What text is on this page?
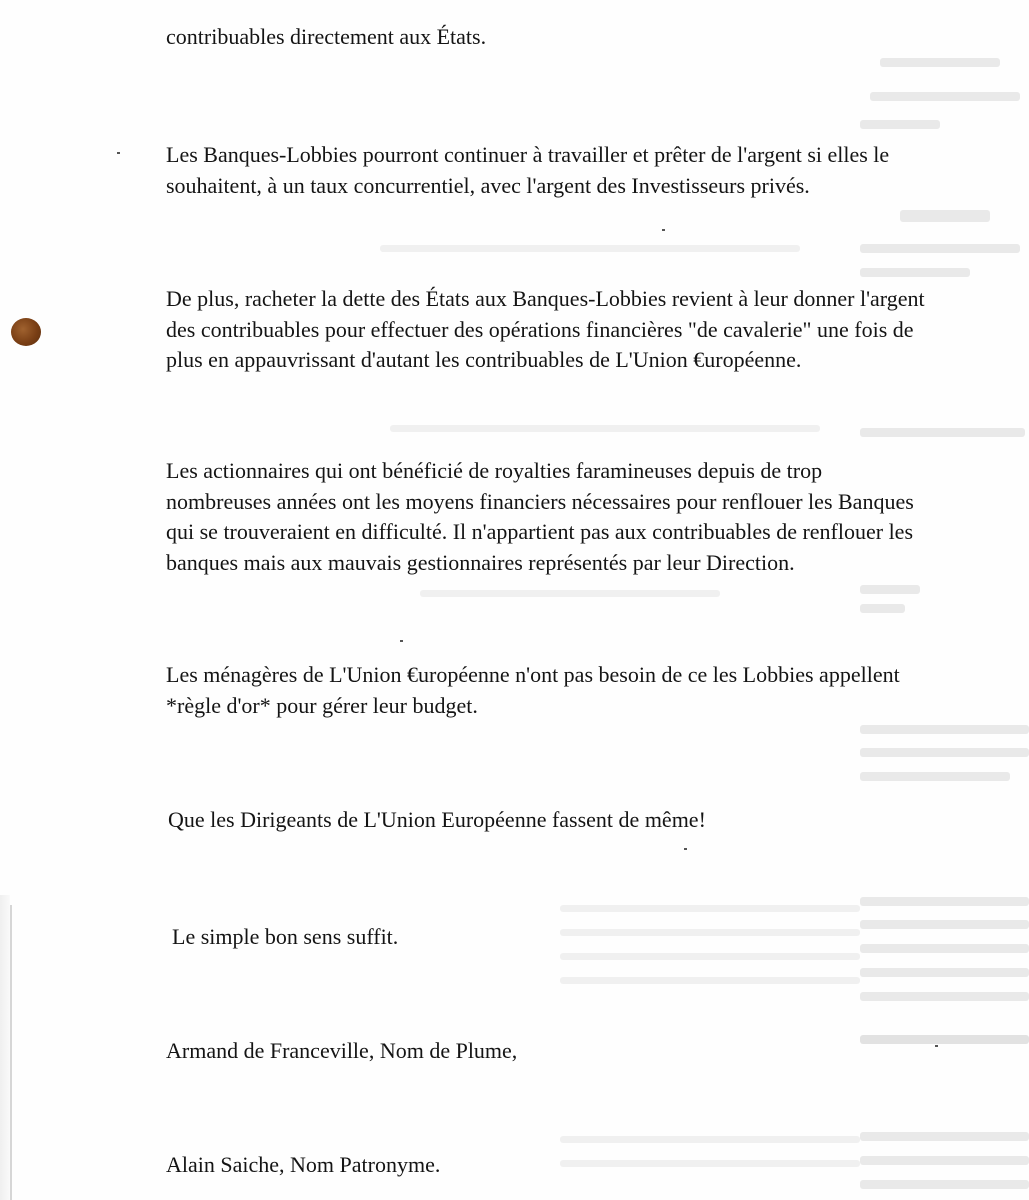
contribuables directement aux États.
Les Banques-Lobbies pourront continuer à travailler et prêter de l'argent si elles le
souhaitent, à un taux concurrentiel, avec l'argent des Investisseurs privés.
De plus, racheter la dette des États aux Banques-Lobbies revient à leur donner l'argent
des contribuables pour effectuer des opérations financières "de cavalerie" une fois de
plus en appauvrissant d'autant les contribuables de L'Union €uropéenne.
Les actionnaires qui ont bénéficié de royalties faramineuses depuis de trop
nombreuses années ont les moyens financiers nécessaires pour renflouer les Banques
qui se trouveraient en difficulté. Il n'appartient pas aux contribuables de renflouer les
banques mais aux mauvais gestionnaires représentés par leur Direction.
Les ménagères de L'Union €uropéenne n'ont pas besoin de ce les Lobbies appellent
*règle d'or* pour gérer leur budget.
Que les Dirigeants de L'Union Européenne fassent de même!
Le simple bon sens suffit.
Armand de Franceville, Nom de Plume,
Alain Saiche, Nom Patronyme.
